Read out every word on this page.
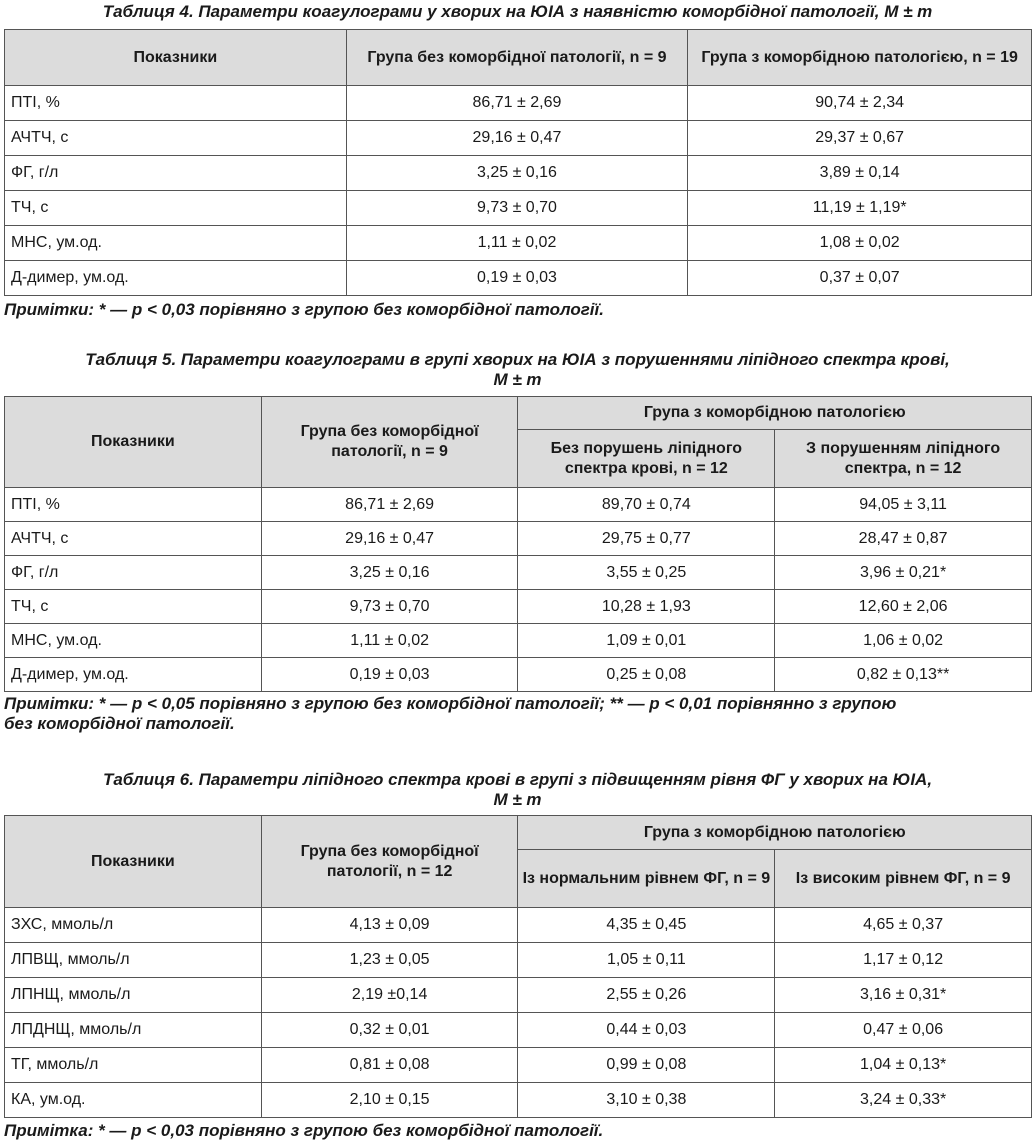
Таблиця 4. Параметри коагулограми у хворих на ЮІА з наявністю коморбідної патології, M ± m
Показники	Група без коморбідної патології, n = 9	Група з коморбідною патологією, n = 19
ПТІ, %	86,71 ± 2,69	90,74 ± 2,34
АЧТЧ, с	29,16 ± 0,47	29,37 ± 0,67
ФГ, г/л	3,25 ± 0,16	3,89 ± 0,14
ТЧ, с	9,73 ± 0,70	11,19 ± 1,19*
МНС, ум.од.	1,11 ± 0,02	1,08 ± 0,02
Д-димер, ум.од.	0,19 ± 0,03	0,37 ± 0,07
Примітки: * — p < 0,03 порівняно з групою без коморбідної патології.
Таблиця 5. Параметри коагулограми в групі хворих на ЮІА з порушеннями ліпідного спектра крові,
M ± m
Показники	Група без коморбідної патології, n = 9	Група з коморбідною патологією	
		Без порушень ліпідного спектра крові, n = 12	З порушенням ліпідного спектра, n = 12
ПТІ, %	86,71 ± 2,69	89,70 ± 0,74	94,05 ± 3,11
АЧТЧ, с	29,16 ± 0,47	29,75 ± 0,77	28,47 ± 0,87
ФГ, г/л	3,25 ± 0,16	3,55 ± 0,25	3,96 ± 0,21*
ТЧ, с	9,73 ± 0,70	10,28 ± 1,93	12,60 ± 2,06
МНС, ум.од.	1,11 ± 0,02	1,09 ± 0,01	1,06 ± 0,02
Д-димер, ум.од.	0,19 ± 0,03	0,25 ± 0,08	0,82 ± 0,13**
Примітки: * — p < 0,05 порівняно з групою без коморбідної патології; ** — p < 0,01 порівнянно з групою
без коморбідної патології.
Таблиця 6. Параметри ліпідного спектра крові в групі з підвищенням рівня ФГ у хворих на ЮІА,
M ± m
Показники	Група без коморбідної патології, n = 12	Група з коморбідною патологією	
		Із нормальним рівнем ФГ, n = 9	Із високим рівнем ФГ, n = 9
ЗХС, ммоль/л	4,13 ± 0,09	4,35 ± 0,45	4,65 ± 0,37
ЛПВЩ, ммоль/л	1,23 ± 0,05	1,05 ± 0,11	1,17 ± 0,12
ЛПНЩ, ммоль/л	2,19 ±0,14	2,55 ± 0,26	3,16 ± 0,31*
ЛПДНЩ, ммоль/л	0,32 ± 0,01	0,44 ± 0,03	0,47 ± 0,06
ТГ, ммоль/л	0,81 ± 0,08	0,99 ± 0,08	1,04 ± 0,13*
КА, ум.од.	2,10 ± 0,15	3,10 ± 0,38	3,24 ± 0,33*
Примітка: * — p < 0,03 порівняно з групою без коморбідної патології.
